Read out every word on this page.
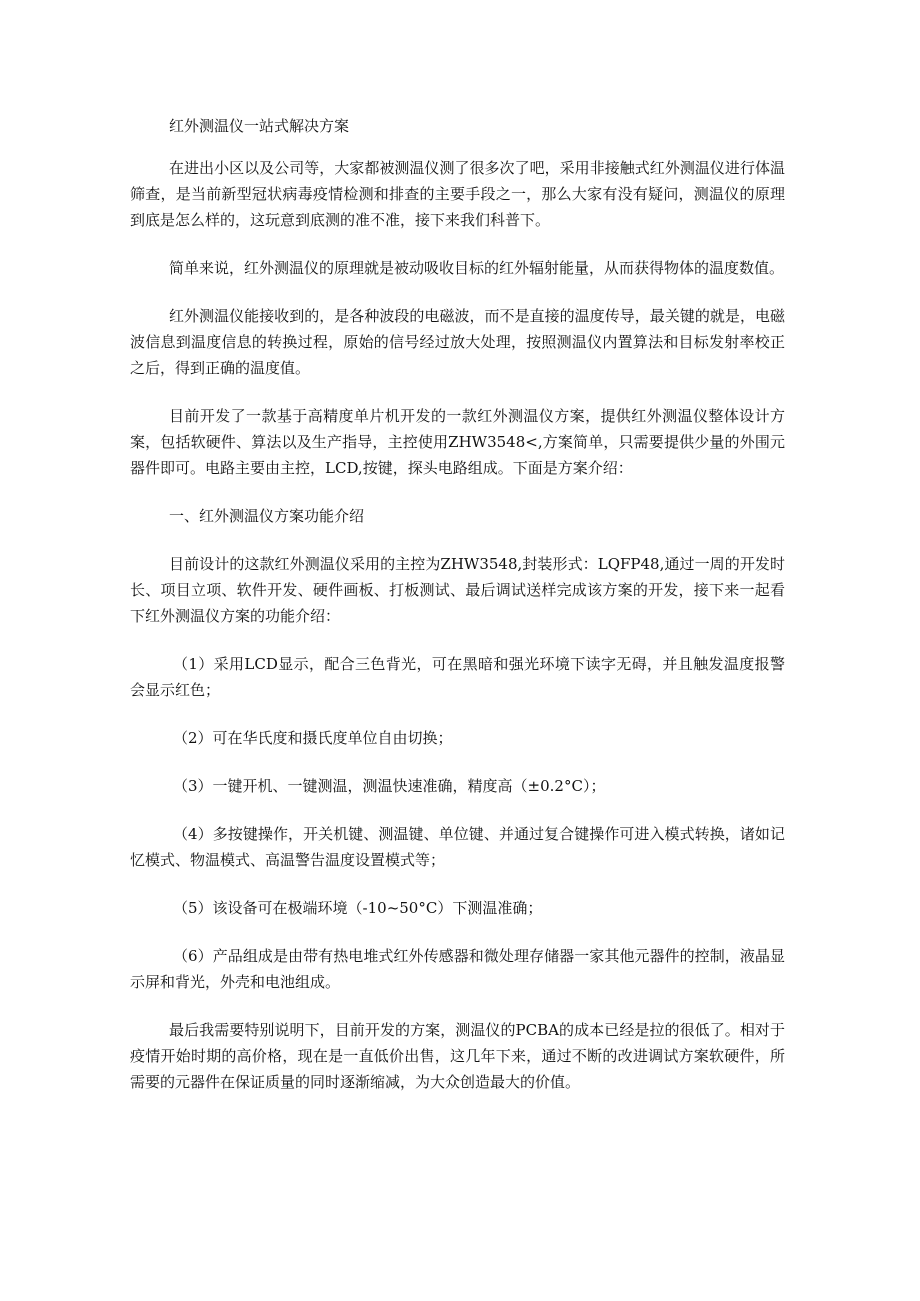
红外测温仪一站式解决方案

在进出小区以及公司等，大家都被测温仪测了很多次了吧，采用非接触式红外测温仪进行体温筛查，是当前新型冠状病毒疫情检测和排查的主要手段之一，那么大家有没有疑问，测温仪的原理到底是怎么样的，这玩意到底测的准不准，接下来我们科普下。

简单来说，红外测温仪的原理就是被动吸收目标的红外辐射能量，从而获得物体的温度数值。

红外测温仪能接收到的，是各种波段的电磁波，而不是直接的温度传导，最关键的就是，电磁波信息到温度信息的转换过程，原始的信号经过放大处理，按照测温仪内置算法和目标发射率校正之后，得到正确的温度值。

目前开发了一款基于高精度单片机开发的一款红外测温仪方案，提供红外测温仪整体设计方案，包括软硬件、算法以及生产指导，主控使用ZHW3548<,方案简单，只需要提供少量的外围元器件即可。电路主要由主控，LCD,按键，探头电路组成。下面是方案介绍：

一、红外测温仪方案功能介绍

目前设计的这款红外测温仪采用的主控为ZHW3548,封装形式：LQFP48,通过一周的开发时长、项目立项、软件开发、硬件画板、打板测试、最后调试送样完成该方案的开发，接下来一起看下红外测温仪方案的功能介绍：

（1）采用LCD显示，配合三色背光，可在黑暗和强光环境下读字无碍，并且触发温度报警会显示红色；

（2）可在华氏度和摄氏度单位自由切换；

（3）一键开机、一键测温，测温快速准确，精度高（±0.2°C）；

（4）多按键操作，开关机键、测温键、单位键、并通过复合键操作可进入模式转换，诸如记忆模式、物温模式、高温警告温度设置模式等；

（5）该设备可在极端环境（-10~50°C）下测温准确；

（6）产品组成是由带有热电堆式红外传感器和微处理存储器一家其他元器件的控制，液晶显示屏和背光，外壳和电池组成。

最后我需要特别说明下，目前开发的方案，测温仪的PCBA的成本已经是拉的很低了。相对于疫情开始时期的高价格，现在是一直低价出售，这几年下来，通过不断的改进调试方案软硬件，所需要的元器件在保证质量的同时逐渐缩减，为大众创造最大的价值。
